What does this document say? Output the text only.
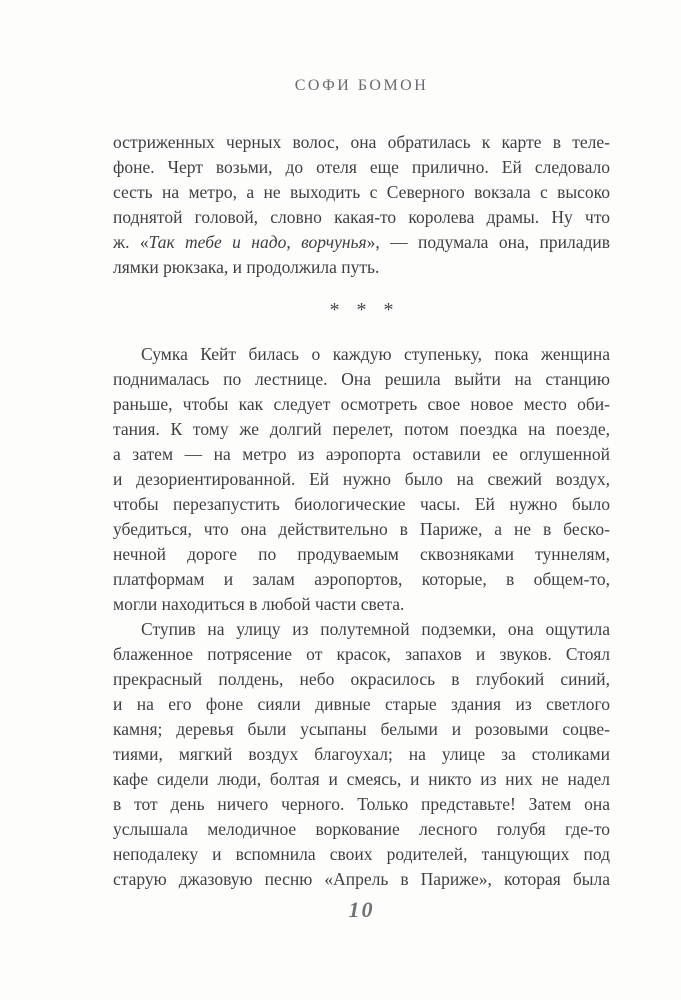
СОФИ БОМОН
остриженных черных волос, она обратилась к карте в теле-
фоне. Черт возьми, до отеля еще прилично. Ей следовало
сесть на метро, а не выходить с Северного вокзала с высоко
поднятой головой, словно какая-то королева драмы. Ну что
ж. «Так тебе и надо, ворчунья», — подумала она, приладив
лямки рюкзака, и продолжила путь.
* * *
Сумка Кейт билась о каждую ступеньку, пока женщина
поднималась по лестнице. Она решила выйти на станцию
раньше, чтобы как следует осмотреть свое новое место оби-
тания. К тому же долгий перелет, потом поездка на поезде,
а затем — на метро из аэропорта оставили ее оглушенной
и дезориентированной. Ей нужно было на свежий воздух,
чтобы перезапустить биологические часы. Ей нужно было
убедиться, что она действительно в Париже, а не в беско-
нечной дороге по продуваемым сквозняками туннелям,
платформам и залам аэропортов, которые, в общем-то,
могли находиться в любой части света.
Ступив на улицу из полутемной подземки, она ощутила
блаженное потрясение от красок, запахов и звуков. Стоял
прекрасный полдень, небо окрасилось в глубокий синий,
и на его фоне сияли дивные старые здания из светлого
камня; деревья были усыпаны белыми и розовыми соцве-
тиями, мягкий воздух благоухал; на улице за столиками
кафе сидели люди, болтая и смеясь, и никто из них не надел
в тот день ничего черного. Только представьте! Затем она
услышала мелодичное воркование лесного голубя где-то
неподалеку и вспомнила своих родителей, танцующих под
старую джазовую песню «Апрель в Париже», которая была
10
